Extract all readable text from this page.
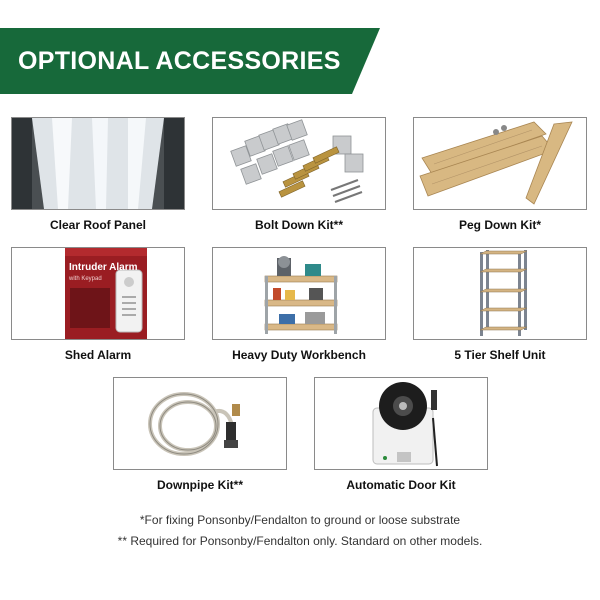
OPTIONAL ACCESSORIES
Clear Roof Panel	Bolt Down Kit**	Peg Down Kit*
Intruder Alarm
with Keypad
Shed Alarm	Heavy Duty Workbench	5 Tier Shelf Unit
Downpipe Kit**	Automatic Door Kit
*For fixing Ponsonby/Fendalton to ground or loose substrate
** Required for Ponsonby/Fendalton only. Standard on other models.
